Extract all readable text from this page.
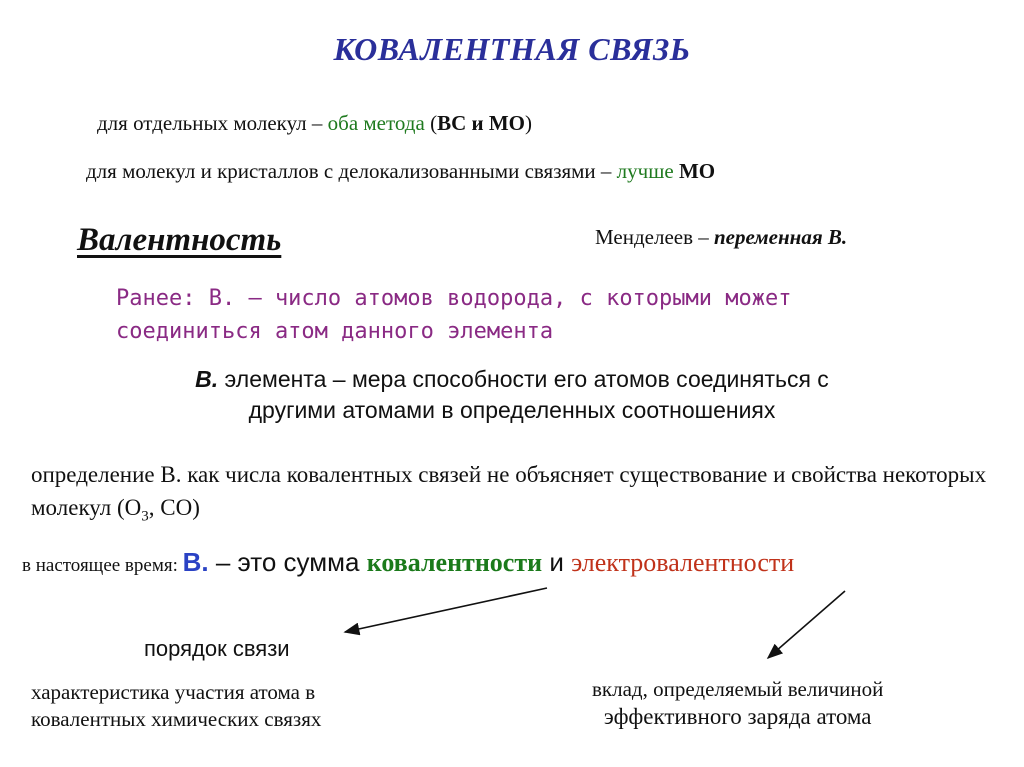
КОВАЛЕНТНАЯ СВЯЗЬ
для отдельных молекул – оба метода (ВС и МО)
для молекул и кристаллов с делокализованными связями – лучше МО
Валентность	Менделеев – переменная В.
Ранее: В. – число атомов водорода, с которыми может
соединиться атом данного элемента
В. элемента – мера способности его атомов соединяться с
другими атомами в определенных соотношениях
определение В. как числа ковалентных связей не объясняет существование и свойства некоторых молекул ($O_3$, CO)
в настоящее время: В. – это сумма ковалентности и электровалентности
порядок связи
характеристика участия атома в
ковалентных химических связях
вклад, определяемый величиной
эффективного заряда атома
